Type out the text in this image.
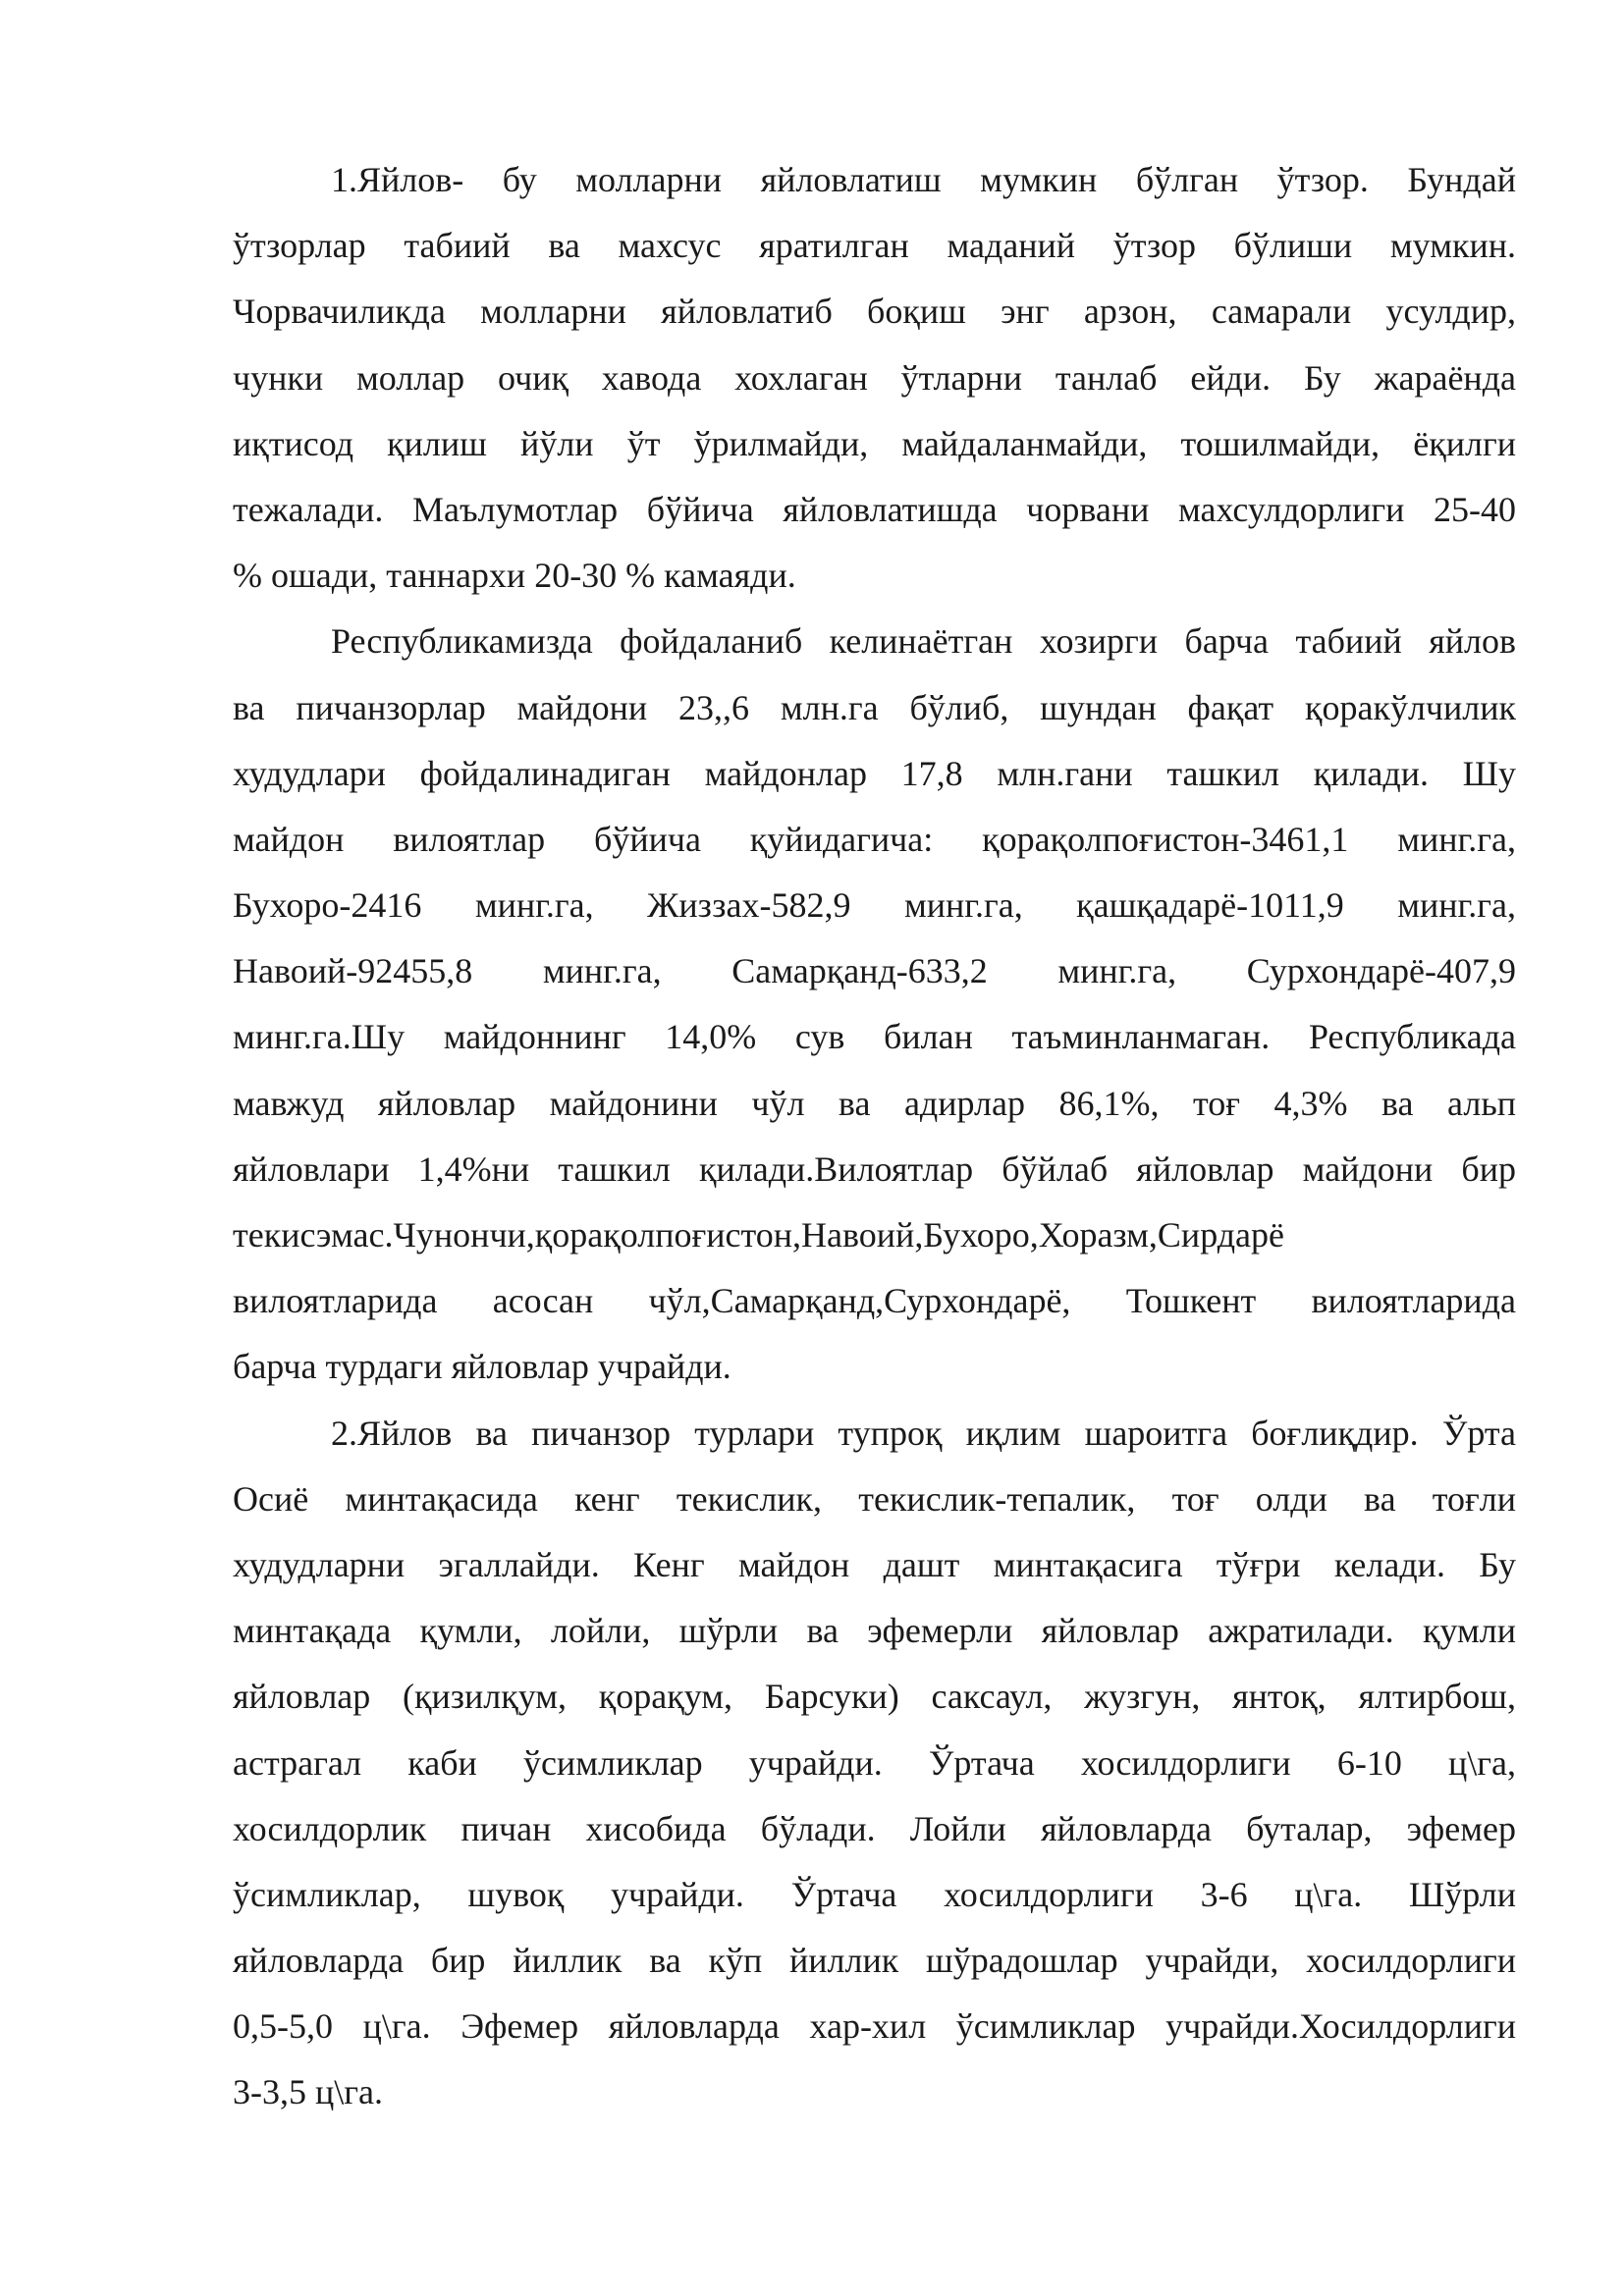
1.Яйлов- бу молларни яйловлатиш мумкин бўлган ўтзор. Бундай
ўтзорлар табиий ва махсус яратилган маданий ўтзор бўлиши мумкин.
Чорвачиликда молларни яйловлатиб боқиш энг арзон, самарали усулдир,
чунки моллар очиқ хавода хохлаган ўтларни танлаб ейди. Бу жараёнда
иқтисод қилиш йўли ўт ўрилмайди, майдаланмайди, тошилмайди, ёқилги
тежалади. Маълумотлар бўйича яйловлатишда чорвани махсулдорлиги 25-40
% ошади, таннархи 20-30 % камаяди.
Республикамизда фойдаланиб келинаётган хозирги барча табиий яйлов
ва пичанзорлар майдони 23,,6 млн.га бўлиб, шундан фақат қоракўлчилик
худудлари фойдалинадиган майдонлар 17,8 млн.гани ташкил қилади. Шу
майдон вилоятлар бўйича қуйидагича: қорақолпоғистон-3461,1 минг.га,
Бухоро-2416 минг.га, Жиззах-582,9 минг.га, қашқадарё-1011,9 минг.га,
Навоий-92455,8 минг.га, Самарқанд-633,2 минг.га, Сурхондарё-407,9
минг.га.Шу майдоннинг 14,0% сув билан таъминланмаган. Республикада
мавжуд яйловлар майдонини чўл ва адирлар 86,1%, тоғ 4,3% ва альп
яйловлари 1,4%ни ташкил қилади.Вилоятлар бўйлаб яйловлар майдони бир
текисэмас.Чунончи,қорақолпоғистон,Навоий,Бухоро,Хоразм,Сирдарё
вилоятларида асосан чўл,Самарқанд,Сурхондарё, Тошкент вилоятларида
барча турдаги яйловлар учрайди.
2.Яйлов ва пичанзор турлари тупроқ иқлим шароитга боғлиқдир. Ўрта
Осиё минтақасида кенг текислик, текислик-тепалик, тоғ олди ва тоғли
худудларни эгаллайди. Кенг майдон дашт минтақасига тўғри келади. Бу
минтақада қумли, лойли, шўрли ва эфемерли яйловлар ажратилади. қумли
яйловлар (қизилқум, қорақум, Барсуки) саксаул, жузгун, янтоқ, ялтирбош,
астрагал каби ўсимликлар учрайди. Ўртача хосилдорлиги 6-10 ц\га,
хосилдорлик пичан хисобида бўлади. Лойли яйловларда буталар, эфемер
ўсимликлар, шувоқ учрайди. Ўртача хосилдорлиги 3-6 ц\га. Шўрли
яйловларда бир йиллик ва кўп йиллик шўрадошлар учрайди, хосилдорлиги
0,5-5,0 ц\га. Эфемер яйловларда хар-хил ўсимликлар учрайди.Хосилдорлиги
3-3,5 ц\га.
